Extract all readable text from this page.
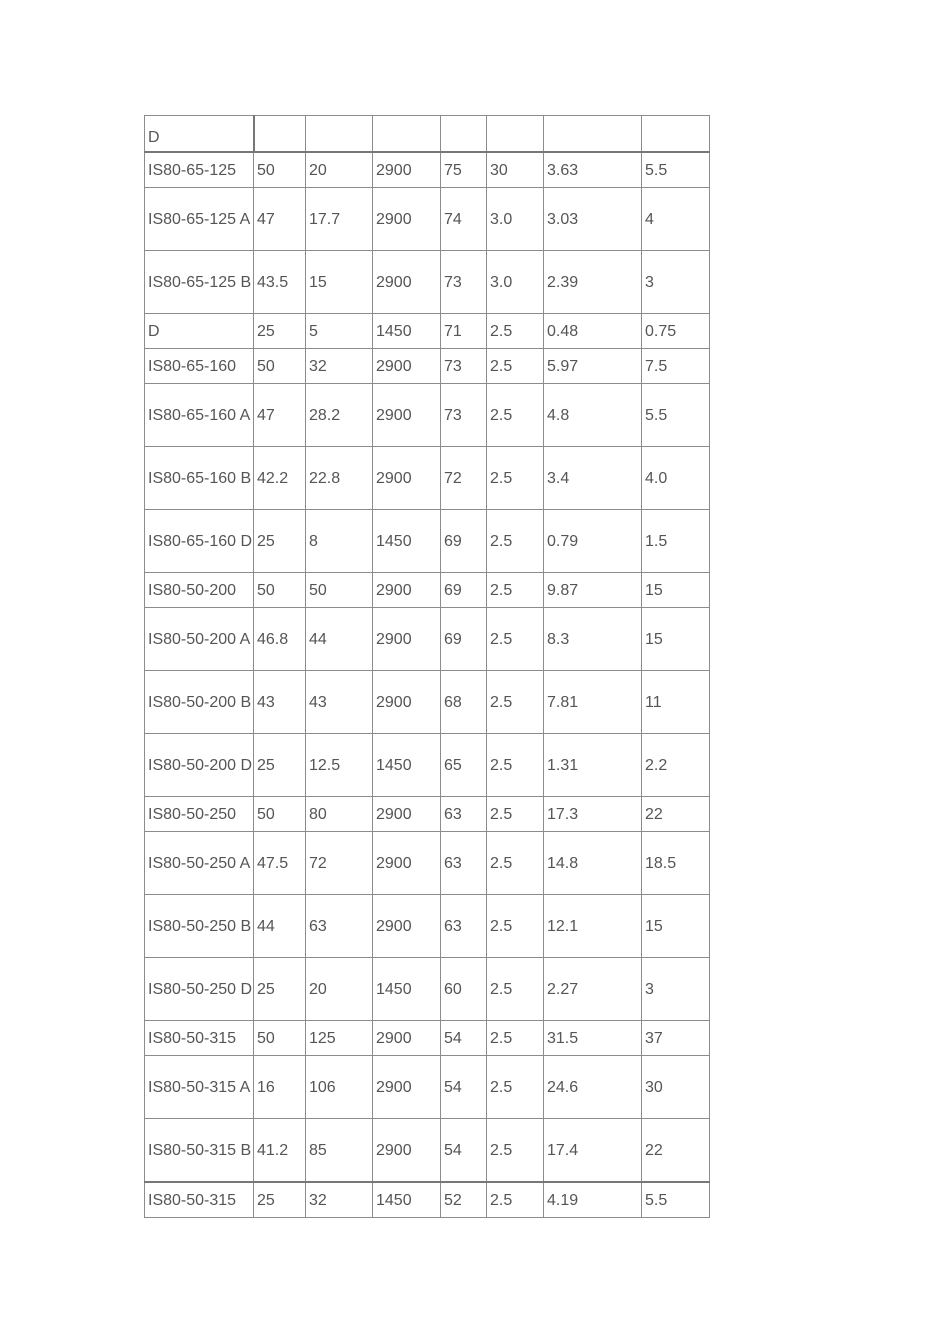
D							
IS80-65-125	50	20	2900	75	30	3.63	5.5
IS80-65-125 A	47	17.7	2900	74	3.0	3.03	4
IS80-65-125 B	43.5	15	2900	73	3.0	2.39	3
D	25	5	1450	71	2.5	0.48	0.75
IS80-65-160	50	32	2900	73	2.5	5.97	7.5
IS80-65-160 A	47	28.2	2900	73	2.5	4.8	5.5
IS80-65-160 B	42.2	22.8	2900	72	2.5	3.4	4.0
IS80-65-160 D	25	8	1450	69	2.5	0.79	1.5
IS80-50-200	50	50	2900	69	2.5	9.87	15
IS80-50-200 A	46.8	44	2900	69	2.5	8.3	15
IS80-50-200 B	43	43	2900	68	2.5	7.81	11
IS80-50-200 D	25	12.5	1450	65	2.5	1.31	2.2
IS80-50-250	50	80	2900	63	2.5	17.3	22
IS80-50-250 A	47.5	72	2900	63	2.5	14.8	18.5
IS80-50-250 B	44	63	2900	63	2.5	12.1	15
IS80-50-250 D	25	20	1450	60	2.5	2.27	3
IS80-50-315	50	125	2900	54	2.5	31.5	37
IS80-50-315 A	16	106	2900	54	2.5	24.6	30
IS80-50-315 B	41.2	85	2900	54	2.5	17.4	22
IS80-50-315	25	32	1450	52	2.5	4.19	5.5
